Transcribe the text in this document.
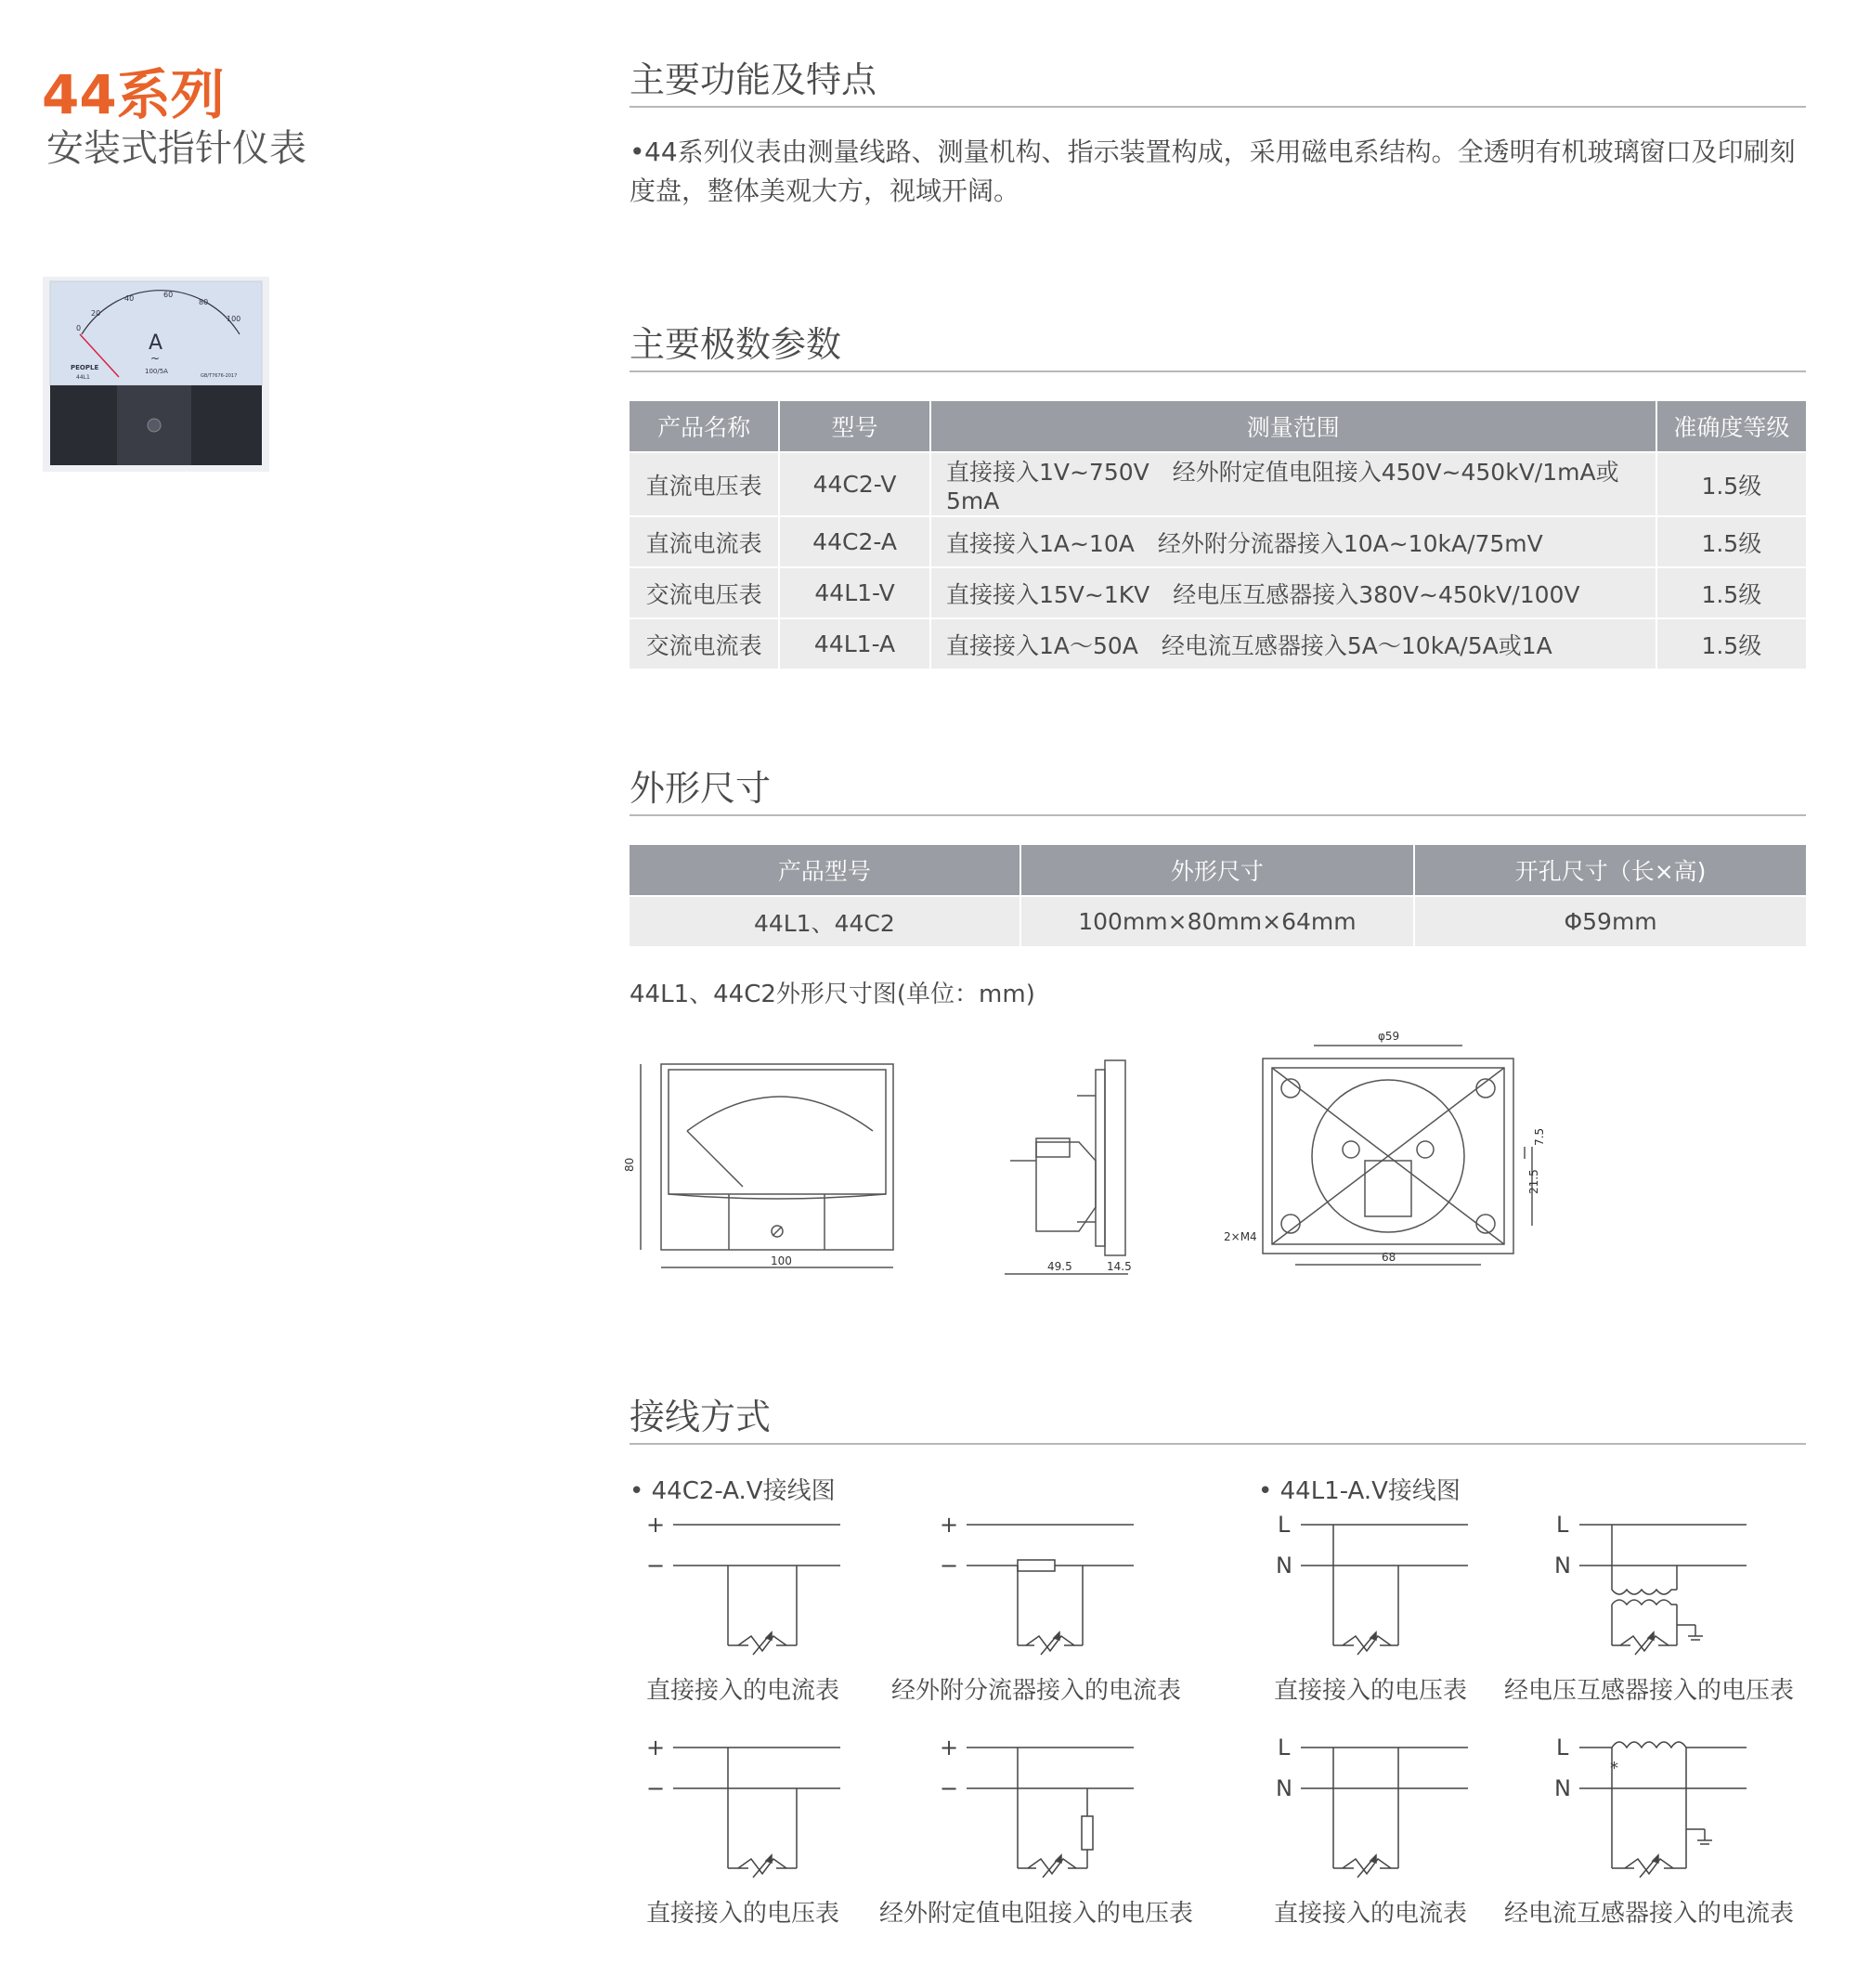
44系列
安装式指针仪表
0
20
40	60
80
100
A
~
PEOPLE
44L1
100/5A
GB/T7676-2017
主要功能及特点
•44系列仪表由测量线路、测量机构、指示装置构成，采用磁电系结构。全透明有机玻璃窗口及印刷刻度盘，整体美观大方，视域开阔。
主要极数参数
产品名称	型号	测量范围	准确度等级
直流电压表	44C2-V	直接接入1V~750V　经外附定值电阻接入450V~450kV/1mA或5mA	1.5级
直流电流表	44C2-A	直接接入1A~10A　经外附分流器接入10A~10kA/75mV	1.5级
交流电压表	44L1-V	直接接入15V~1KV　经电压互感器接入380V~450kV/100V	1.5级
交流电流表	44L1-A	直接接入1A～50A　经电流互感器接入5A～10kA/5A或1A	1.5级
外形尺寸
产品型号	外形尺寸	开孔尺寸（长×高)
44L1、44C2	100mm×80mm×64mm	Φ59mm
44L1、44C2外形尺寸图(单位：mm)
80
100	49.5	14.5
φ59
68
7.5
21.5
2×M4
接线方式
• 44C2-A.V接线图	• 44L1-A.V接线图
+
−
+
−
L
N
L
N
+
−
+
−
L
N
L
N
*
直接接入的电流表	经外附分流器接入的电流表	直接接入的电压表	经电压互感器接入的电压表
直接接入的电压表	经外附定值电阻接入的电压表	直接接入的电流表	经电流互感器接入的电流表
